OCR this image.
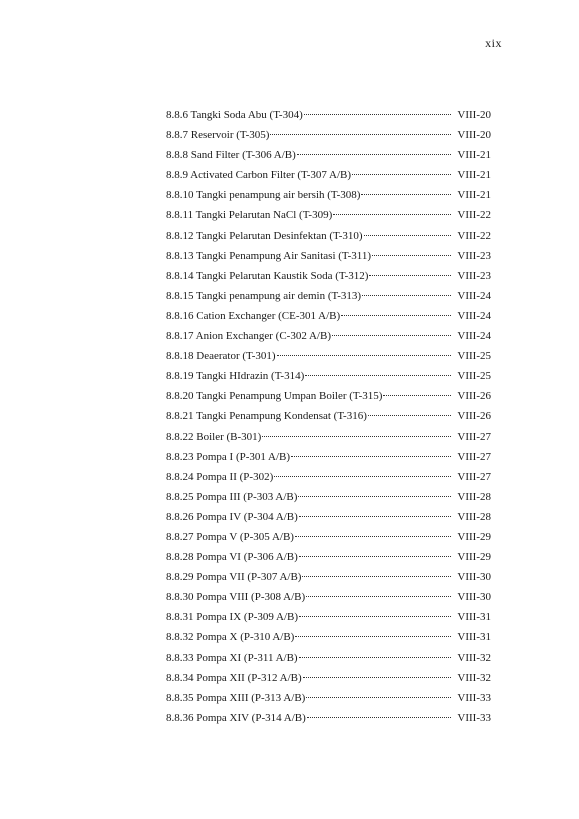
xix
8.8.6 Tangki Soda Abu (T-304)	VIII-20
8.8.7 Reservoir (T-305)	VIII-20
8.8.8 Sand Filter (T-306 A/B)	VIII-21
8.8.9 Activated Carbon Filter (T-307 A/B)	VIII-21
8.8.10 Tangki penampung air bersih (T-308)	VIII-21
8.8.11 Tangki Pelarutan NaCl (T-309)	VIII-22
8.8.12 Tangki Pelarutan Desinfektan (T-310)	VIII-22
8.8.13 Tangki Penampung Air Sanitasi (T-311)	VIII-23
8.8.14 Tangki Pelarutan Kaustik Soda (T-312)	VIII-23
8.8.15 Tangki penampung air demin (T-313)	VIII-24
8.8.16 Cation Exchanger (CE-301 A/B)	VIII-24
8.8.17 Anion Exchanger (C-302 A/B)	VIII-24
8.8.18 Deaerator (T-301)	VIII-25
8.8.19 Tangki HIdrazin (T-314)	VIII-25
8.8.20 Tangki Penampung Umpan Boiler (T-315)	VIII-26
8.8.21 Tangki Penampung Kondensat (T-316)	VIII-26
8.8.22 Boiler (B-301)	VIII-27
8.8.23 Pompa I (P-301 A/B)	VIII-27
8.8.24 Pompa II (P-302)	VIII-27
8.8.25 Pompa III (P-303 A/B)	VIII-28
8.8.26 Pompa IV (P-304 A/B)	VIII-28
8.8.27 Pompa V (P-305 A/B)	VIII-29
8.8.28 Pompa VI (P-306 A/B)	VIII-29
8.8.29 Pompa VII (P-307 A/B)	VIII-30
8.8.30 Pompa VIII (P-308 A/B)	VIII-30
8.8.31 Pompa IX (P-309 A/B)	VIII-31
8.8.32 Pompa X (P-310 A/B)	VIII-31
8.8.33 Pompa XI (P-311 A/B)	VIII-32
8.8.34 Pompa XII (P-312 A/B)	VIII-32
8.8.35 Pompa XIII (P-313 A/B)	VIII-33
8.8.36 Pompa XIV (P-314 A/B)	VIII-33
